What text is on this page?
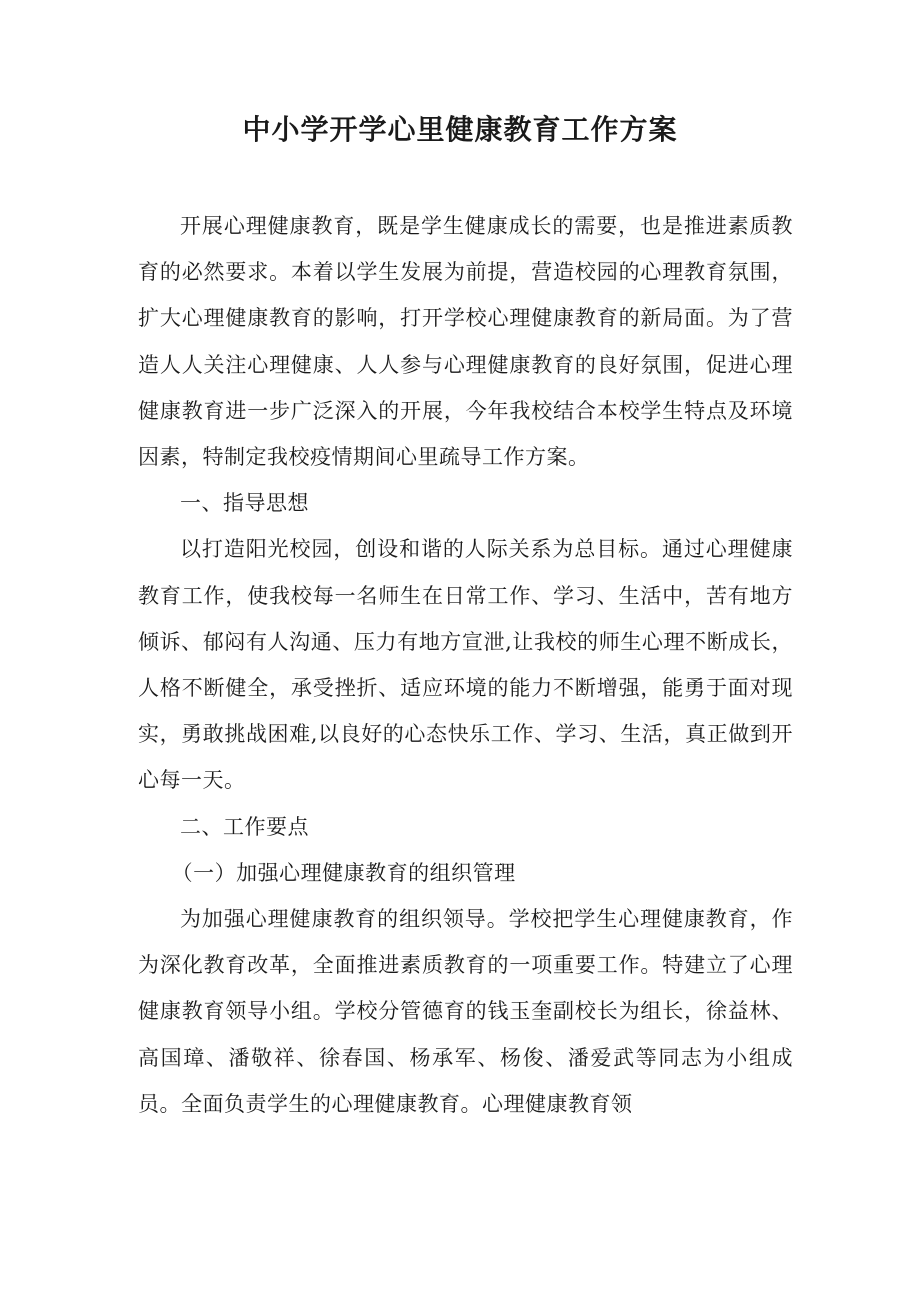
中小学开学心里健康教育工作方案

开展心理健康教育，既是学生健康成长的需要，也是推进素质教育的必然要求。本着以学生发展为前提，营造校园的心理教育氛围，扩大心理健康教育的影响，打开学校心理健康教育的新局面。为了营造人人关注心理健康、人人参与心理健康教育的良好氛围，促进心理健康教育进一步广泛深入的开展，今年我校结合本校学生特点及环境因素，特制定我校疫情期间心里疏导工作方案。

一、指导思想

以打造阳光校园，创设和谐的人际关系为总目标。通过心理健康教育工作，使我校每一名师生在日常工作、学习、生活中，苦有地方倾诉、郁闷有人沟通、压力有地方宣泄,让我校的师生心理不断成长，人格不断健全，承受挫折、适应环境的能力不断增强，能勇于面对现实，勇敢挑战困难,以良好的心态快乐工作、学习、生活，真正做到开心每一天。

二、工作要点

（一）加强心理健康教育的组织管理

为加强心理健康教育的组织领导。学校把学生心理健康教育，作为深化教育改革，全面推进素质教育的一项重要工作。特建立了心理健康教育领导小组。学校分管德育的钱玉奎副校长为组长，徐益林、高国璋、潘敬祥、徐春国、杨承军、杨俊、潘爱武等同志为小组成员。全面负责学生的心理健康教育。心理健康教育领
